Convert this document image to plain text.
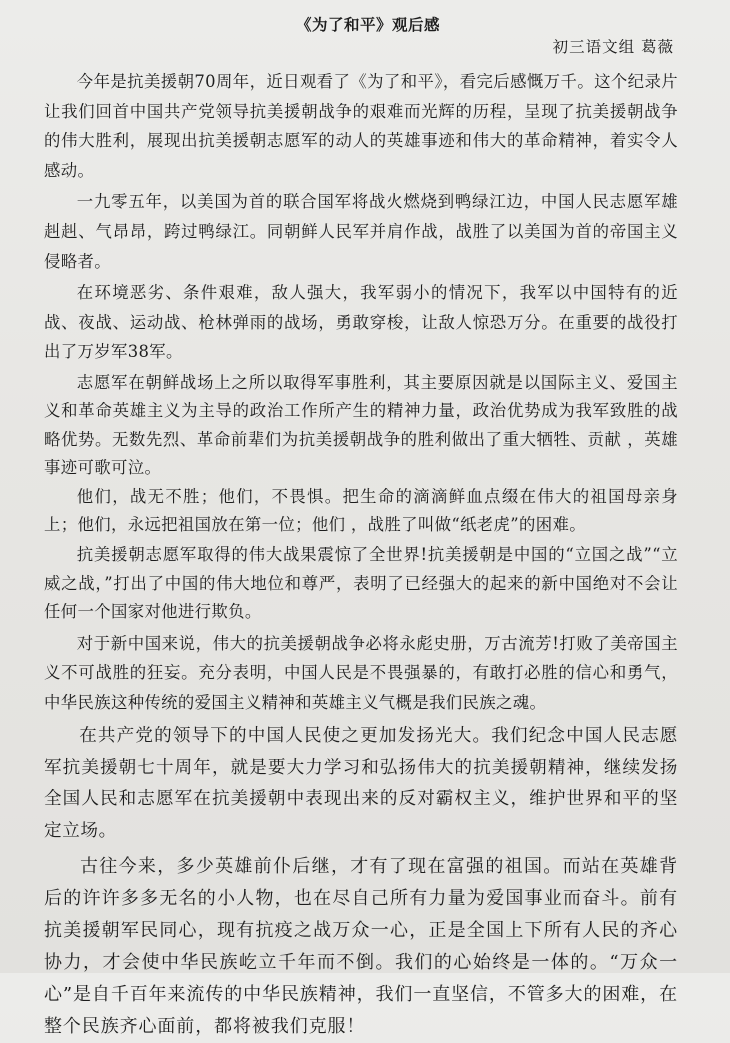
《为了和平》观后感
初三语文组 葛薇

今年是抗美援朝70周年，近日观看了《为了和平》，看完后感慨万千。这个纪录片让我们回首中国共产党领导抗美援朝战争的艰难而光辉的历程，呈现了抗美援朝战争的伟大胜利，展现出抗美援朝志愿军的动人的英雄事迹和伟大的革命精神，着实令人感动。

一九零五年，以美国为首的联合国军将战火燃烧到鸭绿江边，中国人民志愿军雄赳赳、气昂昂，跨过鸭绿江。同朝鲜人民军并肩作战，战胜了以美国为首的帝国主义侵略者。

在环境恶劣、条件艰难，敌人强大，我军弱小的情况下，我军以中国特有的近战、夜战、运动战、枪林弹雨的战场，勇敢穿梭，让敌人惊恐万分。在重要的战役打出了万岁军38军。

志愿军在朝鲜战场上之所以取得军事胜利，其主要原因就是以国际主义、爱国主义和革命英雄主义为主导的政治工作所产生的精神力量，政治优势成为我军致胜的战略优势。无数先烈、革命前辈们为抗美援朝战争的胜利做出了重大牺牲、贡献 ，英雄事迹可歌可泣。

他们，战无不胜；他们，不畏惧。把生命的滴滴鲜血点缀在伟大的祖国母亲身上；他们，永远把祖国放在第一位；他们 ，战胜了叫做“纸老虎”的困难。

抗美援朝志愿军取得的伟大战果震惊了全世界!抗美援朝是中国的“立国之战”“立威之战，”打出了中国的伟大地位和尊严，表明了已经强大的起来的新中国绝对不会让任何一个国家对他进行欺负。

对于新中国来说，伟大的抗美援朝战争必将永彪史册，万古流芳!打败了美帝国主义不可战胜的狂妄。充分表明，中国人民是不畏强暴的，有敢打必胜的信心和勇气，中华民族这种传统的爱国主义精神和英雄主义气概是我们民族之魂。

在共产党的领导下的中国人民使之更加发扬光大。我们纪念中国人民志愿军抗美援朝七十周年，就是要大力学习和弘扬伟大的抗美援朝精神，继续发扬全国人民和志愿军在抗美援朝中表现出来的反对霸权主义，维护世界和平的坚定立场。

古往今来，多少英雄前仆后继，才有了现在富强的祖国。而站在英雄背后的许许多多无名的小人物，也在尽自己所有力量为爱国事业而奋斗。前有抗美援朝军民同心，现有抗疫之战万众一心，正是全国上下所有人民的齐心协力，才会使中华民族屹立千年而不倒。我们的心始终是一体的。“万众一心”是自千百年来流传的中华民族精神，我们一直坚信，不管多大的困难，在整个民族齐心面前，都将被我们克服！
